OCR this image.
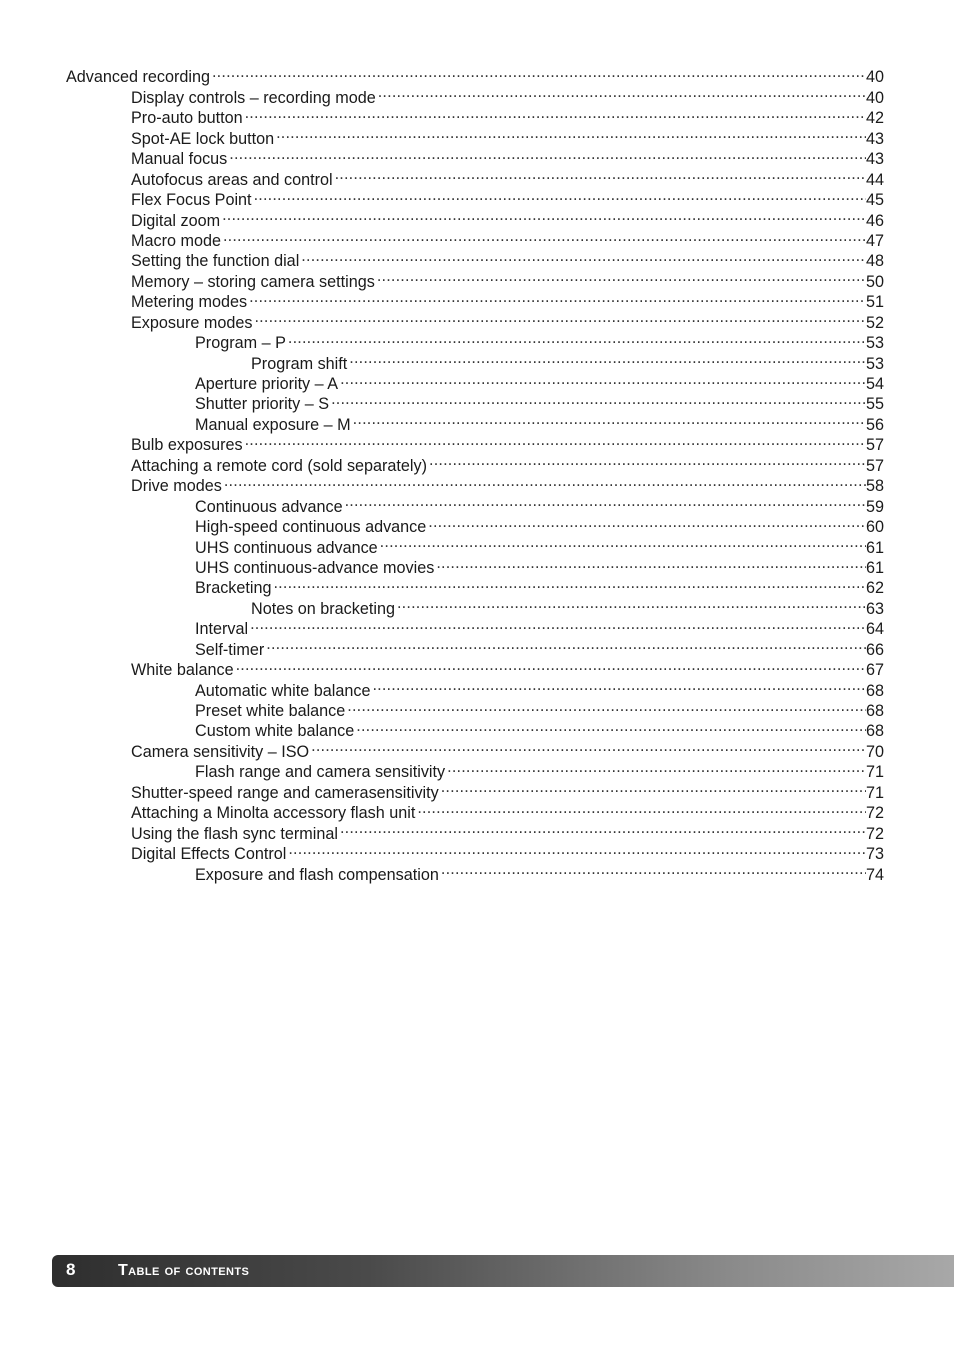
Advanced recording .....	40
Display controls – recording mode .....	40
Pro-auto button .....	42
Spot-AE lock button .....	43
Manual focus .....	43
Autofocus areas and control .....	44
Flex Focus Point .....	45
Digital zoom .....	46
Macro mode .....	47
Setting the function dial .....	48
Memory – storing camera settings .....	50
Metering modes .....	51
Exposure modes .....	52
Program – P .....	53
Program shift .....	53
Aperture priority – A .....	54
Shutter priority – S .....	55
Manual exposure – M .....	56
Bulb exposures .....	57
Attaching a remote cord (sold separately) .....	57
Drive modes .....	58
Continuous advance .....	59
High-speed continuous advance .....	60
UHS continuous advance .....	61
UHS continuous-advance movies .....	61
Bracketing .....	62
Notes on bracketing .....	63
Interval .....	64
Self-timer .....	66
White balance .....	67
Automatic white balance .....	68
Preset white balance .....	68
Custom white balance .....	68
Camera sensitivity – ISO .....	70
Flash range and camera sensitivity .....	71
Shutter-speed range and camerasensitivity .....	71
Attaching a Minolta accessory flash unit .....	72
Using the flash sync terminal .....	72
Digital Effects Control .....	73
Exposure and flash compensation .....	74
8	Table of contents
